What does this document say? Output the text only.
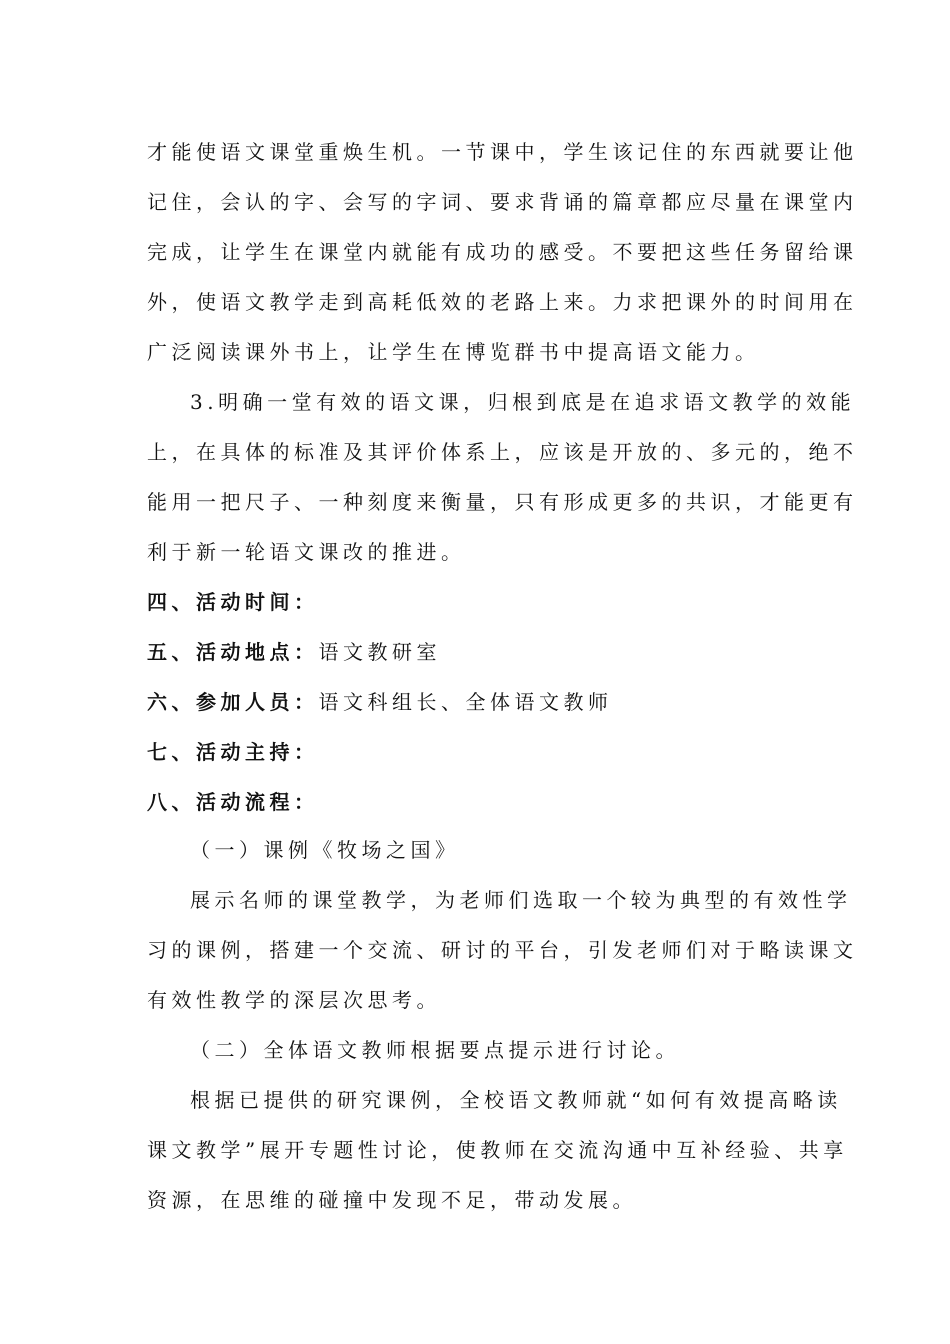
才能使语文课堂重焕生机。一节课中，学生该记住的东西就要让他
记住，会认的字、会写的字词、要求背诵的篇章都应尽量在课堂内
完成，让学生在课堂内就能有成功的感受。不要把这些任务留给课
外，使语文教学走到高耗低效的老路上来。力求把课外的时间用在
广泛阅读课外书上，让学生在博览群书中提高语文能力。
3.明确一堂有效的语文课，归根到底是在追求语文教学的效能
上，在具体的标准及其评价体系上，应该是开放的、多元的，绝不
能用一把尺子、一种刻度来衡量，只有形成更多的共识，才能更有
利于新一轮语文课改的推进。
四、活动时间：
五、活动地点：语文教研室
六、参加人员：语文科组长、全体语文教师
七、活动主持：
八、活动流程：
（一）课例《牧场之国》
展示名师的课堂教学，为老师们选取一个较为典型的有效性学
习的课例，搭建一个交流、研讨的平台，引发老师们对于略读课文
有效性教学的深层次思考。
（二）全体语文教师根据要点提示进行讨论。
根据已提供的研究课例，全校语文教师就“如何有效提高略读
课文教学”展开专题性讨论，使教师在交流沟通中互补经验、共享
资源，在思维的碰撞中发现不足，带动发展。
